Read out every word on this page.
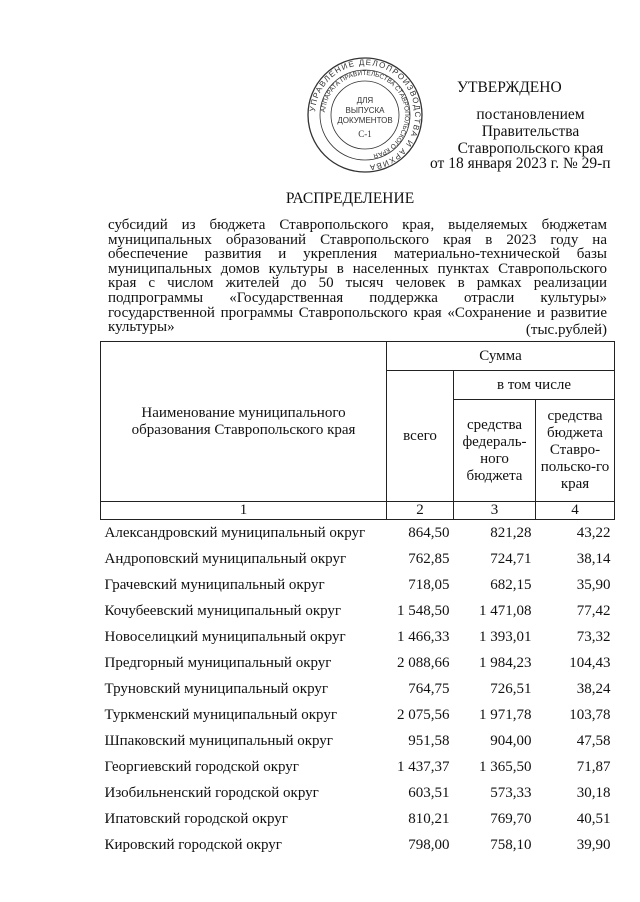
УПРАВЛЕНИЕ ДЕЛОПРОИЗВОДСТВА И АРХИВА
АППАРАТА ПРАВИТЕЛЬСТВА СТАВРОПОЛЬСКОГО КРАЯ
ДЛЯ
ВЫПУСКА
ДОКУМЕНТОВ
С-1
УТВЕРЖДЕНО
постановлением Правительства
Ставропольского края
от 18 января 2023 г. № 29-п
РАСПРЕДЕЛЕНИЕ
субсидий из бюджета Ставропольского края, выделяемых бюджетам муниципальных образований Ставропольского края в 2023 году на обеспечение развития и укрепления материально-технической базы муниципальных домов культуры в населенных пунктах Ставропольского края с числом жителей до 50 тысяч человек в рамках реализации подпрограммы «Государственная поддержка отрасли культуры» государственной программы Ставропольского края «Сохранение и развитие культуры»	(тыс.рублей)
Наименование муниципального образования Ставропольского края	Сумма		
	всего	в том числе	
		средства федераль-ного бюджета	средства бюджета Ставро-польско-го края
1	2	3	4
Александровский муниципальный округ	864,50	821,28	43,22
Андроповский муниципальный округ	762,85	724,71	38,14
Грачевский муниципальный округ	718,05	682,15	35,90
Кочубеевский муниципальный округ	1 548,50	1 471,08	77,42
Новоселицкий муниципальный округ	1 466,33	1 393,01	73,32
Предгорный муниципальный округ	2 088,66	1 984,23	104,43
Труновский муниципальный округ	764,75	726,51	38,24
Туркменский муниципальный округ	2 075,56	1 971,78	103,78
Шпаковский муниципальный округ	951,58	904,00	47,58
Георгиевский городской округ	1 437,37	1 365,50	71,87
Изобильненский городской округ	603,51	573,33	30,18
Ипатовский городской округ	810,21	769,70	40,51
Кировский городской округ	798,00	758,10	39,90
